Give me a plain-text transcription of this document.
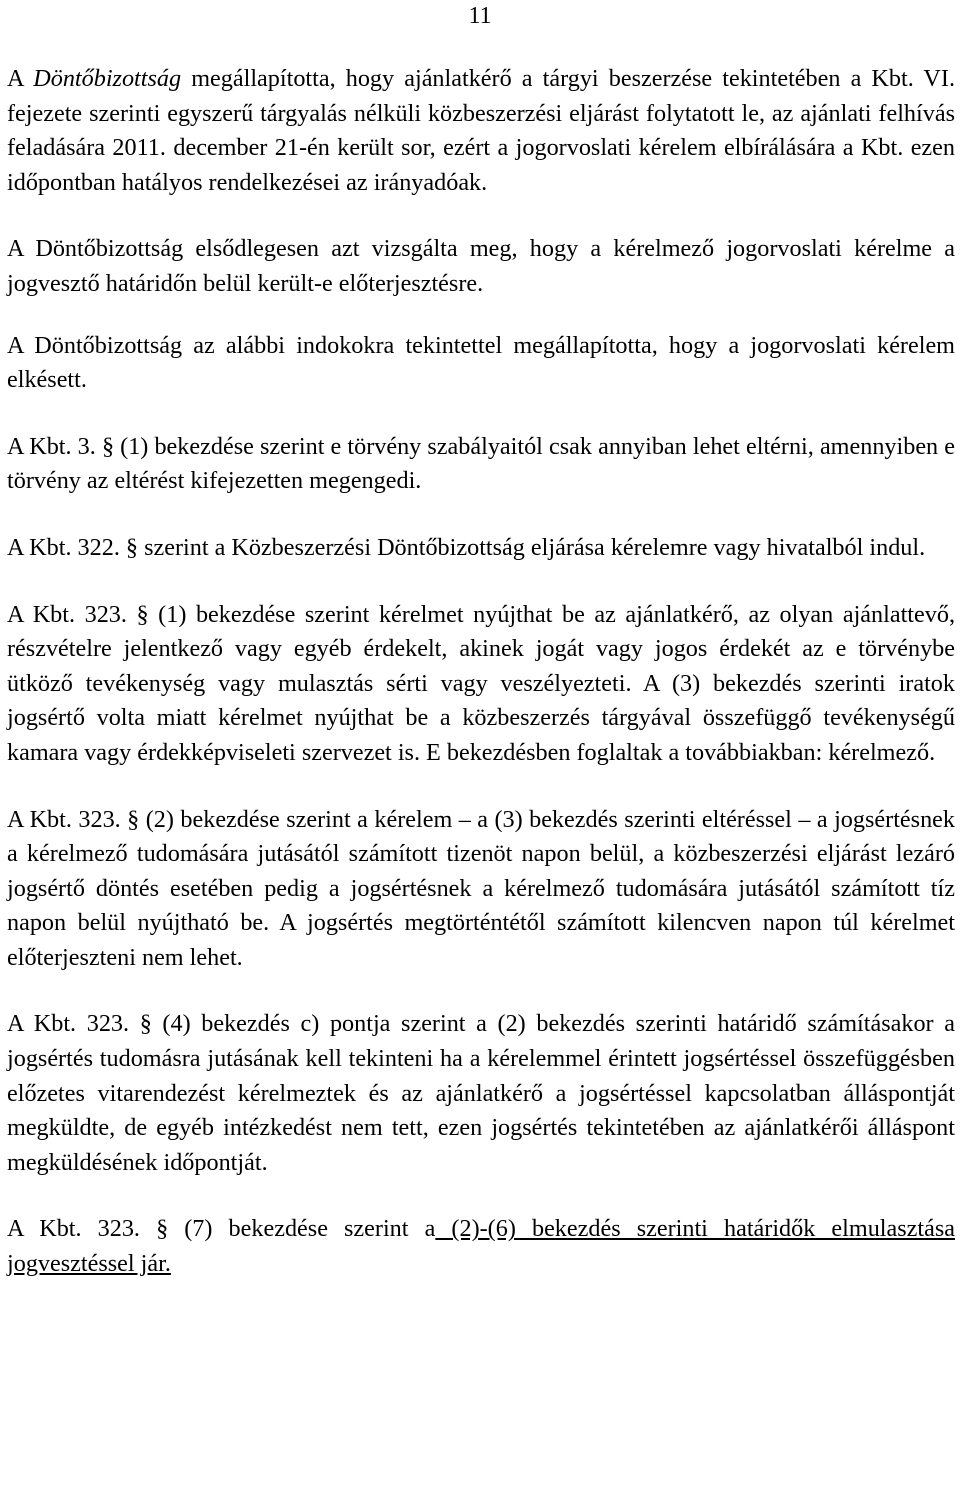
11

A Döntőbizottság megállapította, hogy ajánlatkérő a tárgyi beszerzése tekintetében a Kbt. VI. fejezete szerinti egyszerű tárgyalás nélküli közbeszerzési eljárást folytatott le, az ajánlati felhívás feladására 2011. december 21-én került sor, ezért a jogorvoslati kérelem elbírálására a Kbt. ezen időpontban hatályos rendelkezései az irányadóak.

A Döntőbizottság elsődlegesen azt vizsgálta meg, hogy a kérelmező jogorvoslati kérelme a jogvesztő határidőn belül került-e előterjesztésre.

A Döntőbizottság az alábbi indokokra tekintettel megállapította, hogy a jogorvoslati kérelem elkésett.

A Kbt. 3. § (1) bekezdése szerint e törvény szabályaitól csak annyiban lehet eltérni, amennyiben e törvény az eltérést kifejezetten megengedi.

A Kbt. 322. § szerint a Közbeszerzési Döntőbizottság eljárása kérelemre vagy hivatalból indul.

A Kbt. 323. § (1) bekezdése szerint kérelmet nyújthat be az ajánlatkérő, az olyan ajánlattevő, részvételre jelentkező vagy egyéb érdekelt, akinek jogát vagy jogos érdekét az e törvénybe ütköző tevékenység vagy mulasztás sérti vagy veszélyezteti. A (3) bekezdés szerinti iratok jogsértő volta miatt kérelmet nyújthat be a közbeszerzés tárgyával összefüggő tevékenységű kamara vagy érdekképviseleti szervezet is. E bekezdésben foglaltak a továbbiakban: kérelmező.

A Kbt. 323. § (2) bekezdése szerint a kérelem – a (3) bekezdés szerinti eltéréssel – a jogsértésnek a kérelmező tudomására jutásától számított tizenöt napon belül, a közbeszerzési eljárást lezáró jogsértő döntés esetében pedig a jogsértésnek a kérelmező tudomására jutásától számított tíz napon belül nyújtható be. A jogsértés megtörténtétől számított kilencven napon túl kérelmet előterjeszteni nem lehet.

A Kbt. 323. § (4) bekezdés c) pontja szerint a (2) bekezdés szerinti határidő számításakor a jogsértés tudomásra jutásának kell tekinteni ha a kérelemmel érintett jogsértéssel összefüggésben előzetes vitarendezést kérelmeztek és az ajánlatkérő a jogsértéssel kapcsolatban álláspontját megküldte, de egyéb intézkedést nem tett, ezen jogsértés tekintetében az ajánlatkérői álláspont megküldésének időpontját.

A Kbt. 323. § (7) bekezdése szerint a (2)-(6) bekezdés szerinti határidők elmulasztása jogvesztéssel jár.
